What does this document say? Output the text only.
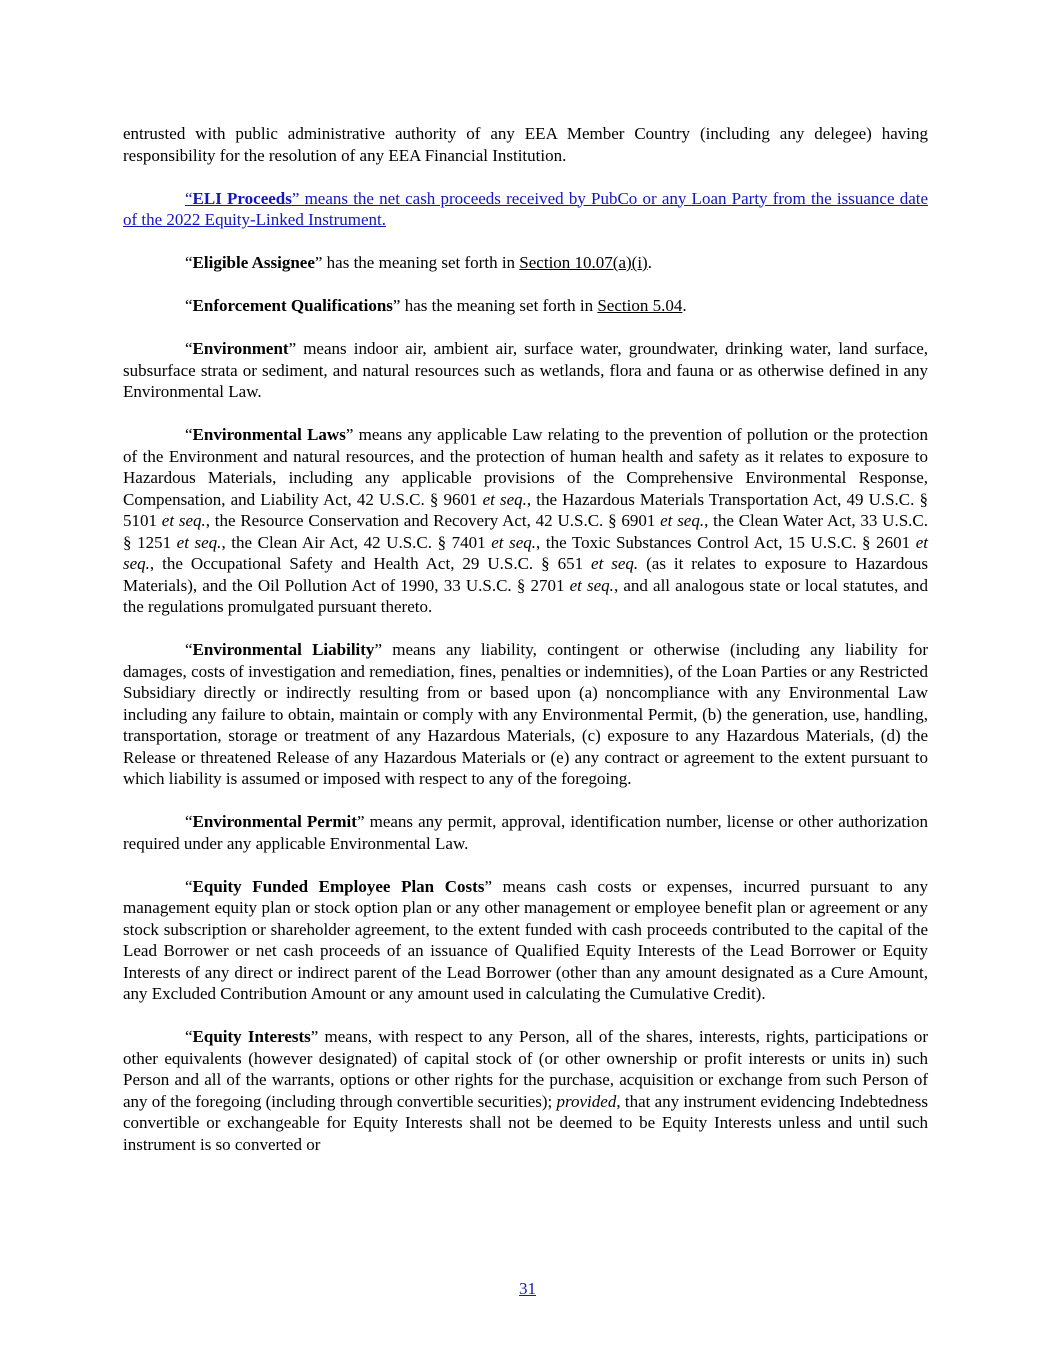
entrusted with public administrative authority of any EEA Member Country (including any delegee) having responsibility for the resolution of any EEA Financial Institution.

“ELI Proceeds” means the net cash proceeds received by PubCo or any Loan Party from the issuance date of the 2022 Equity-Linked Instrument.

“Eligible Assignee” has the meaning set forth in Section 10.07(a)(i).

“Enforcement Qualifications” has the meaning set forth in Section 5.04.

“Environment” means indoor air, ambient air, surface water, groundwater, drinking water, land surface, subsurface strata or sediment, and natural resources such as wetlands, flora and fauna or as otherwise defined in any Environmental Law.

“Environmental Laws” means any applicable Law relating to the prevention of pollution or the protection of the Environment and natural resources, and the protection of human health and safety as it relates to exposure to Hazardous Materials, including any applicable provisions of the Comprehensive Environmental Response, Compensation, and Liability Act, 42 U.S.C. § 9601 et seq., the Hazardous Materials Transportation Act, 49 U.S.C. § 5101 et seq., the Resource Conservation and Recovery Act, 42 U.S.C. § 6901 et seq., the Clean Water Act, 33 U.S.C. § 1251 et seq., the Clean Air Act, 42 U.S.C. § 7401 et seq., the Toxic Substances Control Act, 15 U.S.C. § 2601 et seq., the Occupational Safety and Health Act, 29 U.S.C. § 651 et seq. (as it relates to exposure to Hazardous Materials), and the Oil Pollution Act of 1990, 33 U.S.C. § 2701 et seq., and all analogous state or local statutes, and the regulations promulgated pursuant thereto.

“Environmental Liability” means any liability, contingent or otherwise (including any liability for damages, costs of investigation and remediation, fines, penalties or indemnities), of the Loan Parties or any Restricted Subsidiary directly or indirectly resulting from or based upon (a) noncompliance with any Environmental Law including any failure to obtain, maintain or comply with any Environmental Permit, (b) the generation, use, handling, transportation, storage or treatment of any Hazardous Materials, (c) exposure to any Hazardous Materials, (d) the Release or threatened Release of any Hazardous Materials or (e) any contract or agreement to the extent pursuant to which liability is assumed or imposed with respect to any of the foregoing.

“Environmental Permit” means any permit, approval, identification number, license or other authorization required under any applicable Environmental Law.

“Equity Funded Employee Plan Costs” means cash costs or expenses, incurred pursuant to any management equity plan or stock option plan or any other management or employee benefit plan or agreement or any stock subscription or shareholder agreement, to the extent funded with cash proceeds contributed to the capital of the Lead Borrower or net cash proceeds of an issuance of Qualified Equity Interests of the Lead Borrower or Equity Interests of any direct or indirect parent of the Lead Borrower (other than any amount designated as a Cure Amount, any Excluded Contribution Amount or any amount used in calculating the Cumulative Credit).

“Equity Interests” means, with respect to any Person, all of the shares, interests, rights, participations or other equivalents (however designated) of capital stock of (or other ownership or profit interests or units in) such Person and all of the warrants, options or other rights for the purchase, acquisition or exchange from such Person of any of the foregoing (including through convertible securities); provided, that any instrument evidencing Indebtedness convertible or exchangeable for Equity Interests shall not be deemed to be Equity Interests unless and until such instrument is so converted or

31
